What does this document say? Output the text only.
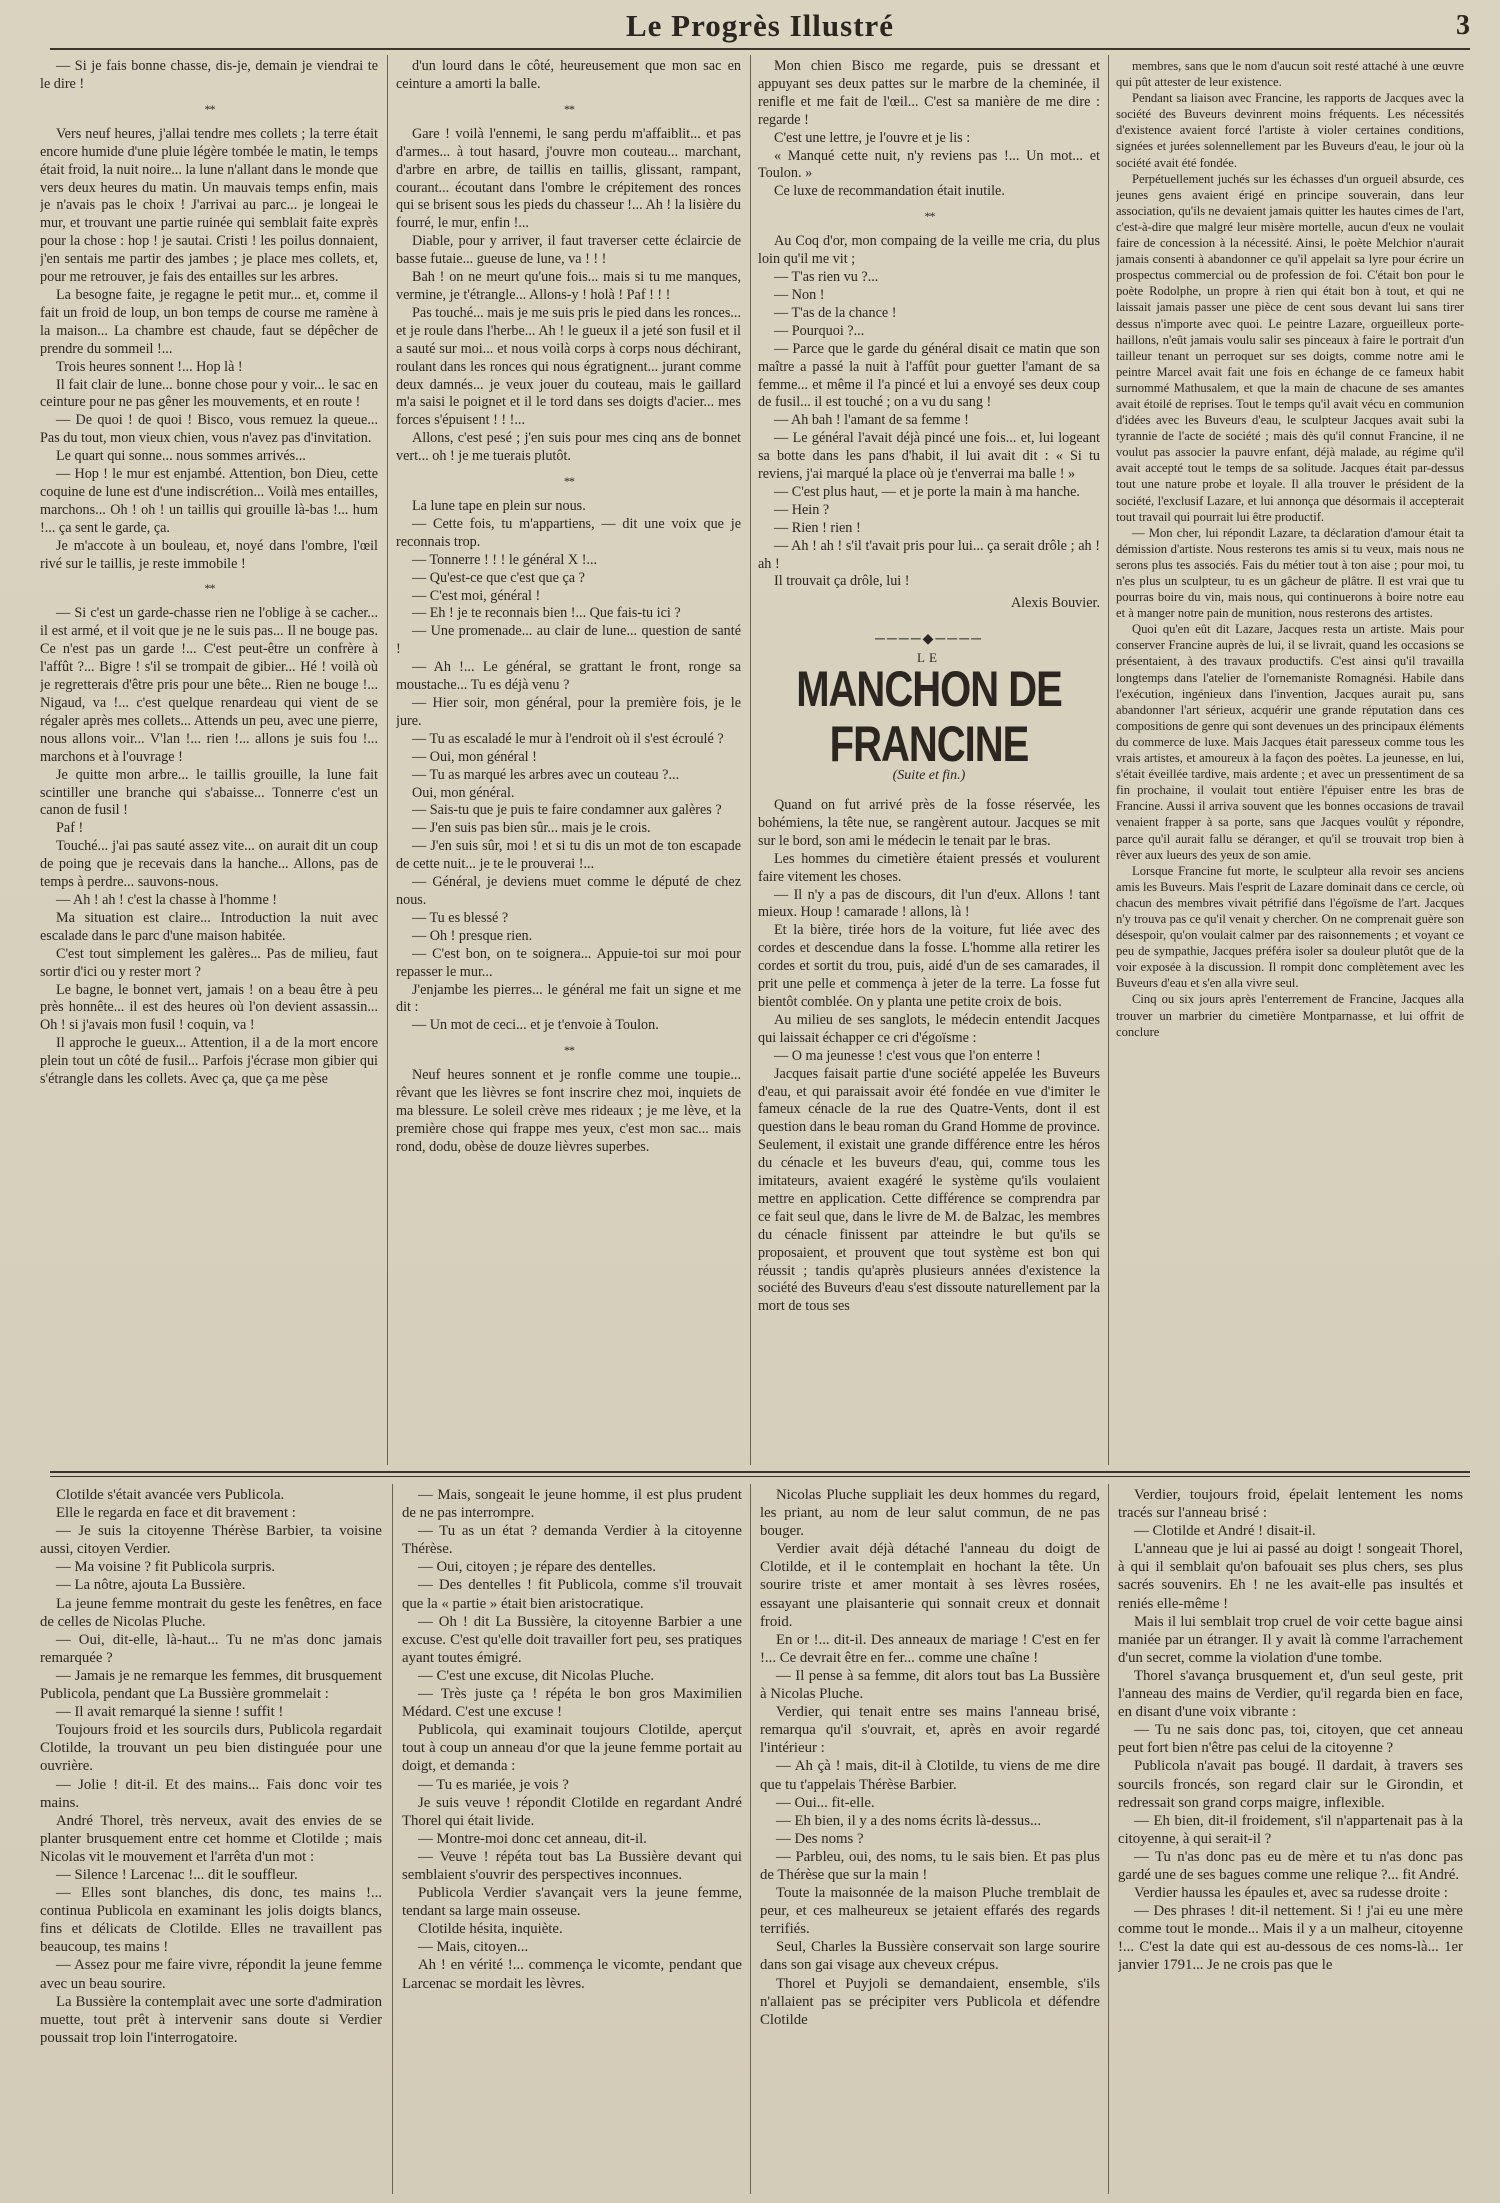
Le Progrès Illustré	3

— Si je fais bonne chasse, dis-je, demain je viendrai te le dire !

* *

Vers neuf heures, j'allai tendre mes collets ; la terre était encore humide d'une pluie légère tombée le matin, le temps était froid, la nuit noire... la lune n'allant dans le monde que vers deux heures du matin. Un mauvais temps enfin, mais je n'avais pas le choix ! J'arrivai au parc... je longeai le mur, et trouvant une partie ruinée qui semblait faite exprès pour la chose : hop ! je sautai. Cristi ! les poilus donnaient, j'en sentais me partir des jambes ; je place mes collets, et, pour me retrouver, je fais des entailles sur les arbres.

La besogne faite, je regagne le petit mur... et, comme il fait un froid de loup, un bon temps de course me ramène à la maison... La chambre est chaude, faut se dépêcher de prendre du sommeil !...

Trois heures sonnent !... Hop là !

Il fait clair de lune... bonne chose pour y voir... le sac en ceinture pour ne pas gêner les mouvements, et en route !

— De quoi ! de quoi ! Bisco, vous remuez la queue... Pas du tout, mon vieux chien, vous n'avez pas d'invitation.

Le quart qui sonne... nous sommes arrivés...

— Hop ! le mur est enjambé. Attention, bon Dieu, cette coquine de lune est d'une indiscrétion... Voilà mes entailles, marchons... Oh ! oh ! un taillis qui grouille là-bas !... hum !... ça sent le garde, ça.

Je m'accote à un bouleau, et, noyé dans l'ombre, l'œil rivé sur le taillis, je reste immobile !

* *

— Si c'est un garde-chasse rien ne l'oblige à se cacher... il est armé, et il voit que je ne le suis pas... Il ne bouge pas. Ce n'est pas un garde !... C'est peut-être un confrère à l'affût ?... Bigre ! s'il se trompait de gibier... Hé ! voilà où je regretterais d'être pris pour une bête... Rien ne bouge !... Nigaud, va !... c'est quelque renardeau qui vient de se régaler après mes collets... Attends un peu, avec une pierre, nous allons voir... V'lan !... rien !... allons je suis fou !... marchons et à l'ouvrage !

Je quitte mon arbre... le taillis grouille, la lune fait scintiller une branche qui s'abaisse... Tonnerre c'est un canon de fusil !

Paf !

Touché... j'ai pas sauté assez vite... on aurait dit un coup de poing que je recevais dans la hanche... Allons, pas de temps à perdre... sauvons-nous.

— Ah ! ah ! c'est la chasse à l'homme !

Ma situation est claire... Introduction la nuit avec escalade dans le parc d'une maison habitée.

C'est tout simplement les galères... Pas de milieu, faut sortir d'ici ou y rester mort ?

Le bagne, le bonnet vert, jamais ! on a beau être à peu près honnête... il est des heures où l'on devient assassin... Oh ! si j'avais mon fusil ! coquin, va !

Il approche le gueux... Attention, il a de la mort encore plein tout un côté de fusil... Parfois j'écrase mon gibier qui s'étrangle dans les collets. Avec ça, que ça me pèse

d'un lourd dans le côté, heureusement que mon sac en ceinture a amorti la balle.

* *

Gare ! voilà l'ennemi, le sang perdu m'affaiblit... et pas d'armes... à tout hasard, j'ouvre mon couteau... marchant, d'arbre en arbre, de taillis en taillis, glissant, rampant, courant... écoutant dans l'ombre le crépitement des ronces qui se brisent sous les pieds du chasseur !... Ah ! la lisière du fourré, le mur, enfin !...

Diable, pour y arriver, il faut traverser cette éclaircie de basse futaie... gueuse de lune, va ! ! !

Bah ! on ne meurt qu'une fois... mais si tu me manques, vermine, je t'étrangle... Allons-y ! holà ! Paf ! ! !

Pas touché... mais je me suis pris le pied dans les ronces... et je roule dans l'herbe... Ah ! le gueux il a jeté son fusil et il a sauté sur moi... et nous voilà corps à corps nous déchirant, roulant dans les ronces qui nous égratignent... jurant comme deux damnés... je veux jouer du couteau, mais le gaillard m'a saisi le poignet et il le tord dans ses doigts d'acier... mes forces s'épuisent ! ! !...

Allons, c'est pesé ; j'en suis pour mes cinq ans de bonnet vert... oh ! je me tuerais plutôt.

* *

La lune tape en plein sur nous.

— Cette fois, tu m'appartiens, — dit une voix que je reconnais trop.

— Tonnerre ! ! ! le général X !...

— Qu'est-ce que c'est que ça ?

— C'est moi, général !

— Eh ! je te reconnais bien !... Que fais-tu ici ?

— Une promenade... au clair de lune... question de santé !

— Ah !... Le général, se grattant le front, ronge sa moustache... Tu es déjà venu ?

— Hier soir, mon général, pour la première fois, je le jure.

— Tu as escaladé le mur à l'endroit où il s'est écroulé ?

— Oui, mon général !

— Tu as marqué les arbres avec un couteau ?...

Oui, mon général.

— Sais-tu que je puis te faire condamner aux galères ?

— J'en suis pas bien sûr... mais je le crois.

— J'en suis sûr, moi ! et si tu dis un mot de ton escapade de cette nuit... je te le prouverai !...

— Général, je deviens muet comme le député de chez nous.

— Tu es blessé ?

— Oh ! presque rien.

— C'est bon, on te soignera... Appuie-toi sur moi pour repasser le mur...

J'enjambe les pierres... le général me fait un signe et me dit :

— Un mot de ceci... et je t'envoie à Toulon.

* *

Neuf heures sonnent et je ronfle comme une toupie... rêvant que les lièvres se font inscrire chez moi, inquiets de ma blessure. Le soleil crève mes rideaux ; je me lève, et la première chose qui frappe mes yeux, c'est mon sac... mais rond, dodu, obèse de douze lièvres superbes.

Mon chien Bisco me regarde, puis se dressant et appuyant ses deux pattes sur le marbre de la cheminée, il renifle et me fait de l'œil... C'est sa manière de me dire : regarde !

C'est une lettre, je l'ouvre et je lis :

« Manqué cette nuit, n'y reviens pas !... Un mot... et Toulon. »

Ce luxe de recommandation était inutile.

* *

Au Coq d'or, mon compaing de la veille me cria, du plus loin qu'il me vit ;

— T'as rien vu ?...

— Non !

— T'as de la chance !

— Pourquoi ?...

— Parce que le garde du général disait ce matin que son maître a passé la nuit à l'affût pour guetter l'amant de sa femme... et même il l'a pincé et lui a envoyé ses deux coup de fusil... il est touché ; on a vu du sang !

— Ah bah ! l'amant de sa femme !

— Le général l'avait déjà pincé une fois... et, lui logeant sa botte dans les pans d'habit, il lui avait dit : « Si tu reviens, j'ai marqué la place où je t'enverrai ma balle ! »

— C'est plus haut, — et je porte la main à ma hanche.

— Hein ?

— Rien ! rien !

— Ah ! ah ! s'il t'avait pris pour lui... ça serait drôle ; ah ! ah !

Il trouvait ça drôle, lui !

Alexis Bouvier.

────◆────
LE
MANCHON DE FRANCINE
(Suite et fin.)

Quand on fut arrivé près de la fosse réservée, les bohémiens, la tête nue, se rangèrent autour. Jacques se mit sur le bord, son ami le médecin le tenait par le bras.

Les hommes du cimetière étaient pressés et voulurent faire vitement les choses.

— Il n'y a pas de discours, dit l'un d'eux. Allons ! tant mieux. Houp ! camarade ! allons, là !

Et la bière, tirée hors de la voiture, fut liée avec des cordes et descendue dans la fosse. L'homme alla retirer les cordes et sortit du trou, puis, aidé d'un de ses camarades, il prit une pelle et commença à jeter de la terre. La fosse fut bientôt comblée. On y planta une petite croix de bois.

Au milieu de ses sanglots, le médecin entendit Jacques qui laissait échapper ce cri d'égoïsme :

— O ma jeunesse ! c'est vous que l'on enterre !

Jacques faisait partie d'une société appelée les Buveurs d'eau, et qui paraissait avoir été fondée en vue d'imiter le fameux cénacle de la rue des Quatre-Vents, dont il est question dans le beau roman du Grand Homme de province. Seulement, il existait une grande différence entre les héros du cénacle et les buveurs d'eau, qui, comme tous les imitateurs, avaient exagéré le système qu'ils voulaient mettre en application. Cette différence se comprendra par ce fait seul que, dans le livre de M. de Balzac, les membres du cénacle finissent par atteindre le but qu'ils se proposaient, et prouvent que tout système est bon qui réussit ; tandis qu'après plusieurs années d'existence la société des Buveurs d'eau s'est dissoute naturellement par la mort de tous ses

membres, sans que le nom d'aucun soit resté attaché à une œuvre qui pût attester de leur existence.

Pendant sa liaison avec Francine, les rapports de Jacques avec la société des Buveurs devinrent moins fréquents. Les nécessités d'existence avaient forcé l'artiste à violer certaines conditions, signées et jurées solennellement par les Buveurs d'eau, le jour où la société avait été fondée.

Perpétuellement juchés sur les échasses d'un orgueil absurde, ces jeunes gens avaient érigé en principe souverain, dans leur association, qu'ils ne devaient jamais quitter les hautes cimes de l'art, c'est-à-dire que malgré leur misère mortelle, aucun d'eux ne voulait faire de concession à la nécessité. Ainsi, le poète Melchior n'aurait jamais consenti à abandonner ce qu'il appelait sa lyre pour écrire un prospectus commercial ou de profession de foi. C'était bon pour le poète Rodolphe, un propre à rien qui était bon à tout, et qui ne laissait jamais passer une pièce de cent sous devant lui sans tirer dessus n'importe avec quoi. Le peintre Lazare, orgueilleux porte-haillons, n'eût jamais voulu salir ses pinceaux à faire le portrait d'un tailleur tenant un perroquet sur ses doigts, comme notre ami le peintre Marcel avait fait une fois en échange de ce fameux habit surnommé Mathusalem, et que la main de chacune de ses amantes avait étoilé de reprises. Tout le temps qu'il avait vécu en communion d'idées avec les Buveurs d'eau, le sculpteur Jacques avait subi la tyrannie de l'acte de société ; mais dès qu'il connut Francine, il ne voulut pas associer la pauvre enfant, déjà malade, au régime qu'il avait accepté tout le temps de sa solitude. Jacques était par-dessus tout une nature probe et loyale. Il alla trouver le président de la société, l'exclusif Lazare, et lui annonça que désormais il accepterait tout travail qui pourrait lui être productif.

— Mon cher, lui répondit Lazare, ta déclaration d'amour était ta démission d'artiste. Nous resterons tes amis si tu veux, mais nous ne serons plus tes associés. Fais du métier tout à ton aise ; pour moi, tu n'es plus un sculpteur, tu es un gâcheur de plâtre. Il est vrai que tu pourras boire du vin, mais nous, qui continuerons à boire notre eau et à manger notre pain de munition, nous resterons des artistes.

Quoi qu'en eût dit Lazare, Jacques resta un artiste. Mais pour conserver Francine auprès de lui, il se livrait, quand les occasions se présentaient, à des travaux productifs. C'est ainsi qu'il travailla longtemps dans l'atelier de l'ornemaniste Romagnési. Habile dans l'exécution, ingénieux dans l'invention, Jacques aurait pu, sans abandonner l'art sérieux, acquérir une grande réputation dans ces compositions de genre qui sont devenues un des principaux éléments du commerce de luxe. Mais Jacques était paresseux comme tous les vrais artistes, et amoureux à la façon des poètes. La jeunesse, en lui, s'était éveillée tardive, mais ardente ; et avec un pressentiment de sa fin prochaine, il voulait tout entière l'épuiser entre les bras de Francine. Aussi il arriva souvent que les bonnes occasions de travail venaient frapper à sa porte, sans que Jacques voulût y répondre, parce qu'il aurait fallu se déranger, et qu'il se trouvait trop bien à rêver aux lueurs des yeux de son amie.

Lorsque Francine fut morte, le sculpteur alla revoir ses anciens amis les Buveurs. Mais l'esprit de Lazare dominait dans ce cercle, où chacun des membres vivait pétrifié dans l'égoïsme de l'art. Jacques n'y trouva pas ce qu'il venait y chercher. On ne comprenait guère son désespoir, qu'on voulait calmer par des raisonnements ; et voyant ce peu de sympathie, Jacques préféra isoler sa douleur plutôt que de la voir exposée à la discussion. Il rompit donc complètement avec les Buveurs d'eau et s'en alla vivre seul.

Cinq ou six jours après l'enterrement de Francine, Jacques alla trouver un marbrier du cimetière Montparnasse, et lui offrit de conclure

Clotilde s'était avancée vers Publicola.

Elle le regarda en face et dit bravement :

— Je suis la citoyenne Thérèse Barbier, ta voisine aussi, citoyen Verdier.

— Ma voisine ? fit Publicola surpris.

— La nôtre, ajouta La Bussière.

La jeune femme montrait du geste les fenêtres, en face de celles de Nicolas Pluche.

— Oui, dit-elle, là-haut... Tu ne m'as donc jamais remarquée ?

— Jamais je ne remarque les femmes, dit brusquement Publicola, pendant que La Bussière grommelait :

— Il avait remarqué la sienne ! suffit !

Toujours froid et les sourcils durs, Publicola regardait Clotilde, la trouvant un peu bien distinguée pour une ouvrière.

— Jolie ! dit-il. Et des mains... Fais donc voir tes mains.

André Thorel, très nerveux, avait des envies de se planter brusquement entre cet homme et Clotilde ; mais Nicolas vit le mouvement et l'arrêta d'un mot :

— Silence ! Larcenac !... dit le souffleur.

— Elles sont blanches, dis donc, tes mains !... continua Publicola en examinant les jolis doigts blancs, fins et délicats de Clotilde. Elles ne travaillent pas beaucoup, tes mains !

— Assez pour me faire vivre, répondit la jeune femme avec un beau sourire.

La Bussière la contemplait avec une sorte d'admiration muette, tout prêt à intervenir sans doute si Verdier poussait trop loin l'interrogatoire.

— Mais, songeait le jeune homme, il est plus prudent de ne pas interrompre.

— Tu as un état ? demanda Verdier à la citoyenne Thérèse.

— Oui, citoyen ; je répare des dentelles.

— Des dentelles ! fit Publicola, comme s'il trouvait que la « partie » était bien aristocratique.

— Oh ! dit La Bussière, la citoyenne Barbier a une excuse. C'est qu'elle doit travailler fort peu, ses pratiques ayant toutes émigré.

— C'est une excuse, dit Nicolas Pluche.

— Très juste ça ! répéta le bon gros Maximilien Médard. C'est une excuse !

Publicola, qui examinait toujours Clotilde, aperçut tout à coup un anneau d'or que la jeune femme portait au doigt, et demanda :

— Tu es mariée, je vois ?

Je suis veuve ! répondit Clotilde en regardant André Thorel qui était livide.

— Montre-moi donc cet anneau, dit-il.

— Veuve ! répéta tout bas La Bussière devant qui semblaient s'ouvrir des perspectives inconnues.

Publicola Verdier s'avançait vers la jeune femme, tendant sa large main osseuse.

Clotilde hésita, inquiète.

— Mais, citoyen...

Ah ! en vérité !... commença le vicomte, pendant que Larcenac se mordait les lèvres.

Nicolas Pluche suppliait les deux hommes du regard, les priant, au nom de leur salut commun, de ne pas bouger.

Verdier avait déjà détaché l'anneau du doigt de Clotilde, et il le contemplait en hochant la tête. Un sourire triste et amer montait à ses lèvres rosées, essayant une plaisanterie qui sonnait creux et donnait froid.

En or !... dit-il. Des anneaux de mariage ! C'est en fer !... Ce devrait être en fer... comme une chaîne !

— Il pense à sa femme, dit alors tout bas La Bussière à Nicolas Pluche.

Verdier, qui tenait entre ses mains l'anneau brisé, remarqua qu'il s'ouvrait, et, après en avoir regardé l'intérieur :

— Ah çà ! mais, dit-il à Clotilde, tu viens de me dire que tu t'appelais Thérèse Barbier.

— Oui... fit-elle.

— Eh bien, il y a des noms écrits là-dessus...

— Des noms ?

— Parbleu, oui, des noms, tu le sais bien. Et pas plus de Thérèse que sur la main !

Toute la maisonnée de la maison Pluche tremblait de peur, et ces malheureux se jetaient effarés des regards terrifiés.

Seul, Charles la Bussière conservait son large sourire dans son gai visage aux cheveux crépus.

Thorel et Puyjoli se demandaient, ensemble, s'ils n'allaient pas se précipiter vers Publicola et défendre Clotilde

Verdier, toujours froid, épelait lentement les noms tracés sur l'anneau brisé :

— Clotilde et André ! disait-il.

L'anneau que je lui ai passé au doigt ! songeait Thorel, à qui il semblait qu'on bafouait ses plus chers, ses plus sacrés souvenirs. Eh ! ne les avait-elle pas insultés et reniés elle-même !

Mais il lui semblait trop cruel de voir cette bague ainsi maniée par un étranger. Il y avait là comme l'arrachement d'un secret, comme la violation d'une tombe.

Thorel s'avança brusquement et, d'un seul geste, prit l'anneau des mains de Verdier, qu'il regarda bien en face, en disant d'une voix vibrante :

— Tu ne sais donc pas, toi, citoyen, que cet anneau peut fort bien n'être pas celui de la citoyenne ?

Publicola n'avait pas bougé. Il dardait, à travers ses sourcils froncés, son regard clair sur le Girondin, et redressait son grand corps maigre, inflexible.

— Eh bien, dit-il froidement, s'il n'appartenait pas à la citoyenne, à qui serait-il ?

— Tu n'as donc pas eu de mère et tu n'as donc pas gardé une de ses bagues comme une relique ?... fit André.

Verdier haussa les épaules et, avec sa rudesse droite :

— Des phrases ! dit-il nettement. Si ! j'ai eu une mère comme tout le monde... Mais il y a un malheur, citoyenne !... C'est la date qui est au-dessous de ces noms-là... 1er janvier 1791... Je ne crois pas que le
